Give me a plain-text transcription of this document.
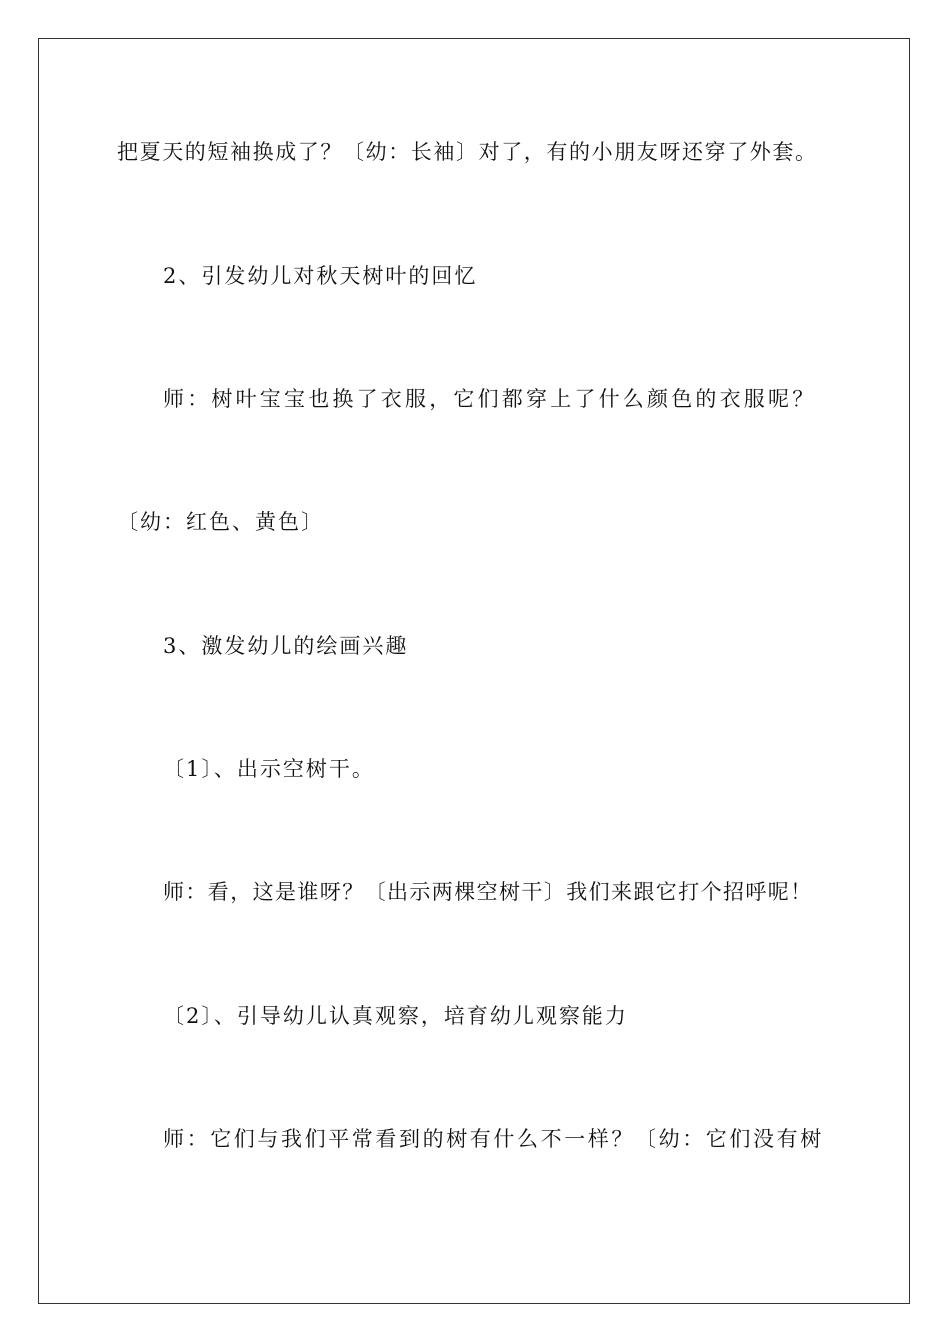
把夏天的短袖换成了？〔幼：长袖〕对了，有的小朋友呀还穿了外套。
2、引发幼儿对秋天树叶的回忆
师：树叶宝宝也换了衣服，它们都穿上了什么颜色的衣服呢？
〔幼：红色、黄色〕
3、激发幼儿的绘画兴趣
〔1〕、出示空树干。
师：看，这是谁呀？〔出示两棵空树干〕我们来跟它打个招呼呢！
〔2〕、引导幼儿认真观察，培育幼儿观察能力
师：它们与我们平常看到的树有什么不一样？〔幼：它们没有树
